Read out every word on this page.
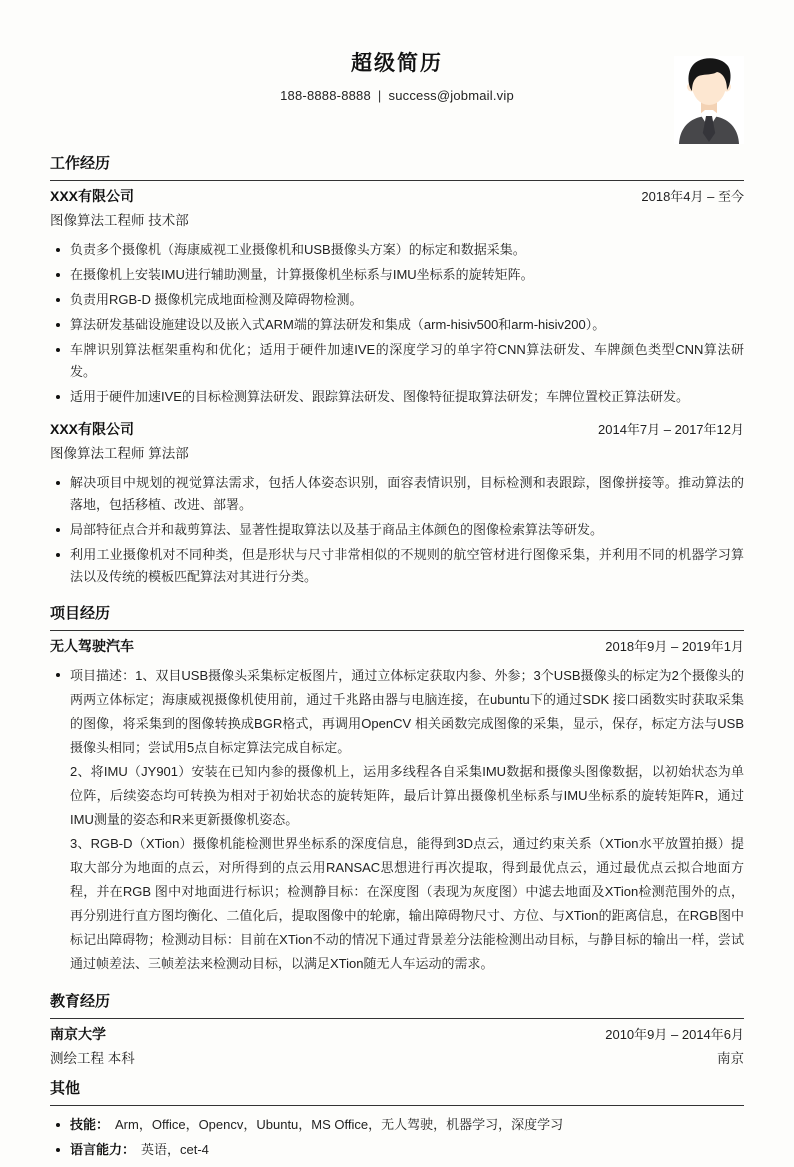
超级简历
188-8888-8888 | success@jobmail.vip
工作经历
XXX有限公司	2018年4月 – 至今
图像算法工程师 技术部
负责多个摄像机（海康威视工业摄像机和USB摄像头方案）的标定和数据采集。
在摄像机上安装IMU进行辅助测量，计算摄像机坐标系与IMU坐标系的旋转矩阵。
负责用RGB-D 摄像机完成地面检测及障碍物检测。
算法研发基础设施建设以及嵌入式ARM端的算法研发和集成（arm-hisiv500和arm-hisiv200）。
车牌识别算法框架重构和优化；适用于硬件加速IVE的深度学习的单字符CNN算法研发、车牌颜色类型CNN算法研发。
适用于硬件加速IVE的目标检测算法研发、跟踪算法研发、图像特征提取算法研发；车牌位置校正算法研发。
XXX有限公司	2014年7月 – 2017年12月
图像算法工程师 算法部
解决项目中规划的视觉算法需求，包括人体姿态识别，面容表情识别，目标检测和表跟踪，图像拼接等。推动算法的落地，包括移植、改进、部署。
局部特征点合并和裁剪算法、显著性提取算法以及基于商品主体颜色的图像检索算法等研发。
利用工业摄像机对不同种类，但是形状与尺寸非常相似的不规则的航空管材进行图像采集，并利用不同的机器学习算法以及传统的模板匹配算法对其进行分类。
项目经历
无人驾驶汽车	2018年9月 – 2019年1月
项目描述：1、双目USB摄像头采集标定板图片，通过立体标定获取内参、外参；3个USB摄像头的标定为2个摄像头的两两立体标定；海康威视摄像机使用前，通过千兆路由器与电脑连接，在ubuntu下的通过SDK 接口函数实时获取采集的图像，将采集到的图像转换成BGR格式，再调用OpenCV 相关函数完成图像的采集，显示，保存，标定方法与USB摄像头相同；尝试用5点自标定算法完成自标定。
2、将IMU（JY901）安装在已知内参的摄像机上，运用多线程各自采集IMU数据和摄像头图像数据，以初始状态为单位阵，后续姿态均可转换为相对于初始状态的旋转矩阵，最后计算出摄像机坐标系与IMU坐标系的旋转矩阵R，通过IMU测量的姿态和R来更新摄像机姿态。
3、RGB-D（XTion）摄像机能检测世界坐标系的深度信息，能得到3D点云，通过约束关系（XTion水平放置拍摄）提取大部分为地面的点云，对所得到的点云用RANSAC思想进行再次提取，得到最优点云，通过最优点云拟合地面方程，并在RGB 图中对地面进行标识；检测静目标：在深度图（表现为灰度图）中滤去地面及XTion检测范围外的点，再分别进行直方图均衡化、二值化后，提取图像中的轮廓，输出障碍物尺寸、方位、与XTion的距离信息，在RGB图中标记出障碍物；检测动目标：目前在XTion不动的情况下通过背景差分法能检测出动目标，与静目标的输出一样，尝试通过帧差法、三帧差法来检测动目标，以满足XTion随无人车运动的需求。
教育经历
南京大学	2010年9月 – 2014年6月
测绘工程 本科	南京
其他
技能： Arm，Office，Opencv，Ubuntu，MS Office，无人驾驶，机器学习，深度学习
语言能力： 英语，cet-4
